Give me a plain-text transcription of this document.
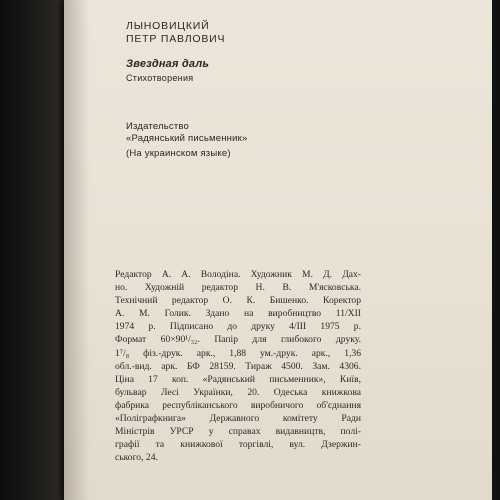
ЛЫНОВИЦКИЙ
ПЕТР ПАВЛОВИЧ

Звездная даль

Стихотворения

Издательство
«Радянський письменник»
(На украинском языке)
Редактор А. А. Володіна. Художник М. Д. Дах-
но. Художній редактор Н. В. М'ясковська.
Технічний редактор О. К. Бишенко. Коректор
А. М. Голик. Здано на виробництво 11/XII
1974 р. Підписано до друку 4/III 1975 р.
Формат 60×90¹/₃₂. Папір для глибокого друку.
1⁷/₈ фіз.-друк. арк., 1,88 ум.-друк. арк., 1,36
обл.-вид. арк. БФ 28159. Тираж 4500. Зам. 4306.
Ціна 17 коп. «Радянський письменник», Київ,
бульвар Лесі Українки, 20. Одеська книжкова
фабрика республіканського виробничого об'єднання
«Поліграфкнига» Державного комітету Ради
Міністрів УРСР у справах видавництв, полі-
графії та книжкової торгівлі, вул. Дзержин-
ського, 24.
